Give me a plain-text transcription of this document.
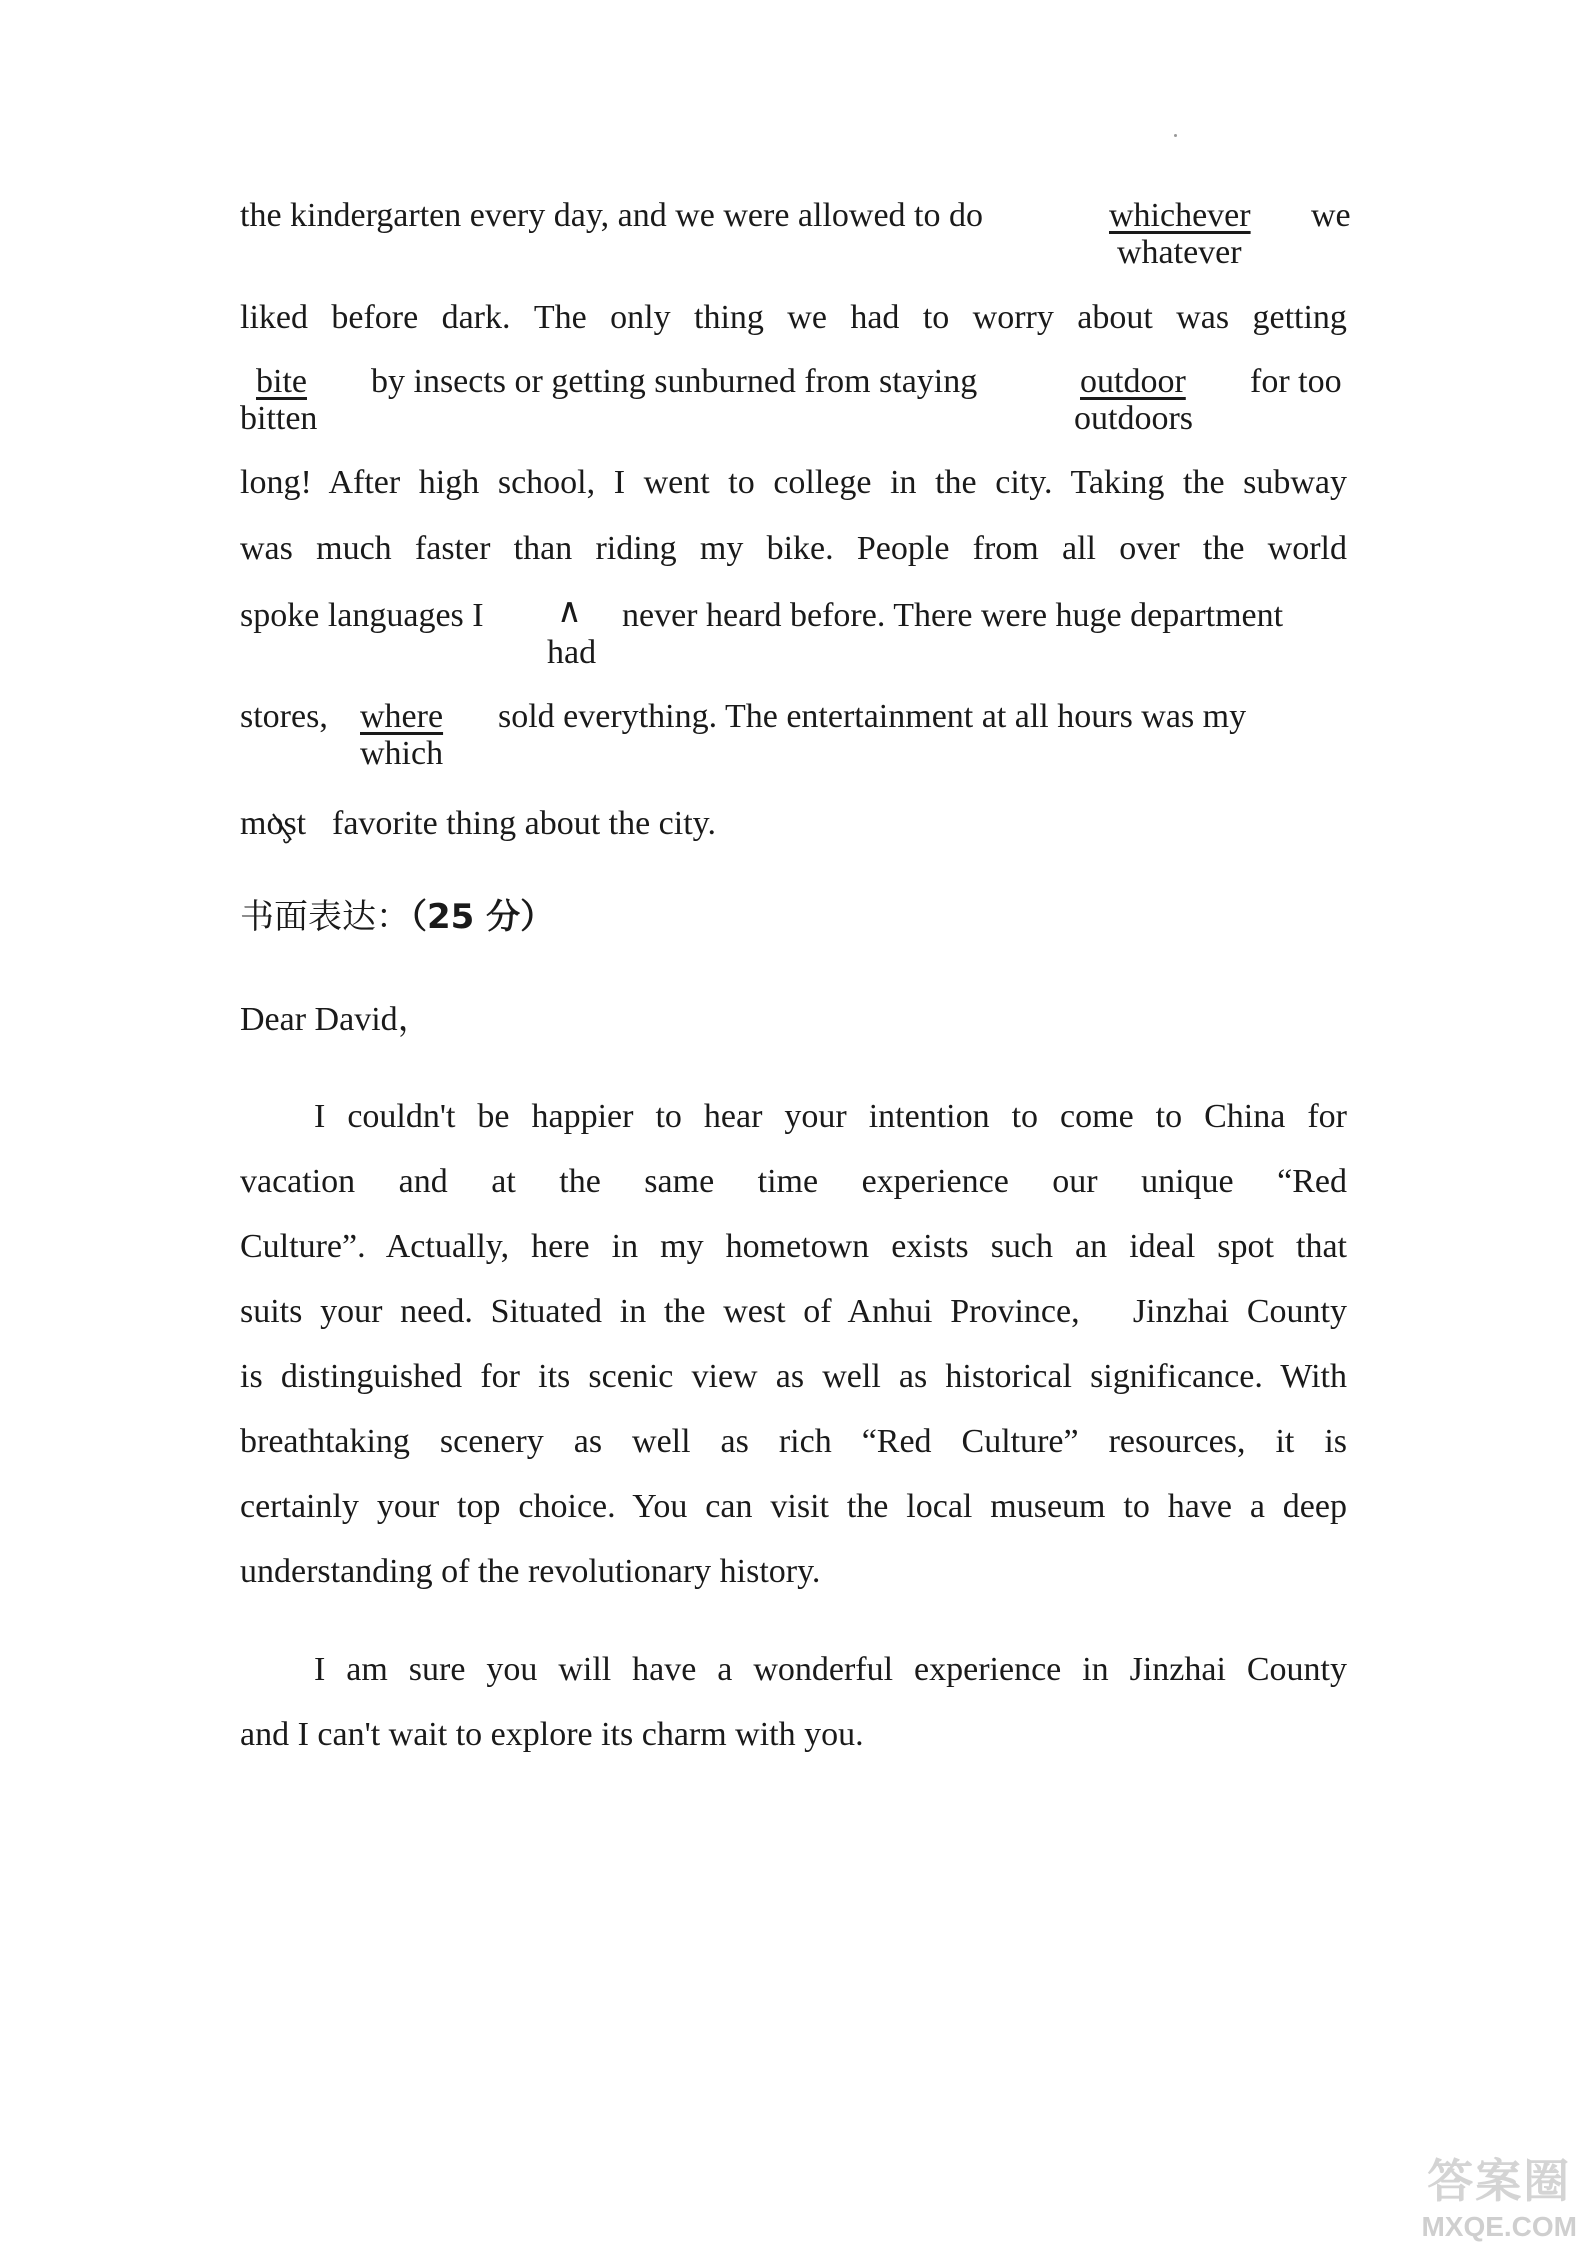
the kindergarten every day, and we were allowed to do	whichever we
whatever
liked before dark. The only thing we had to worry about was getting
bite by insects or getting sunburned from staying	outdoor for too
bitten	outdoors
long! After high school, I went to college in the city. Taking the subway
was much faster than riding my bike. People from all over the world
spoke languages I ∧ never heard before. There were huge department
had
stores, where sold everything. The entertainment at all hours was my
which
most favorite thing about the city.
书面表达：（25 分）
Dear David，
I couldn't be happier to hear your intention to come to China for
vacation and at the same time experience our unique “Red
Culture”. Actually, here in my hometown exists such an ideal spot that
suits your need. Situated in the west of Anhui Province,   Jinzhai County
is distinguished for its scenic view as well as historical significance. With
breathtaking scenery as well as rich “Red Culture” resources, it is
certainly your top choice. You can visit the local museum to have a deep
understanding of the revolutionary history.
I am sure you will have a wonderful experience in Jinzhai County
and I can't wait to explore its charm with you.
答案圈
MXQE.COM
